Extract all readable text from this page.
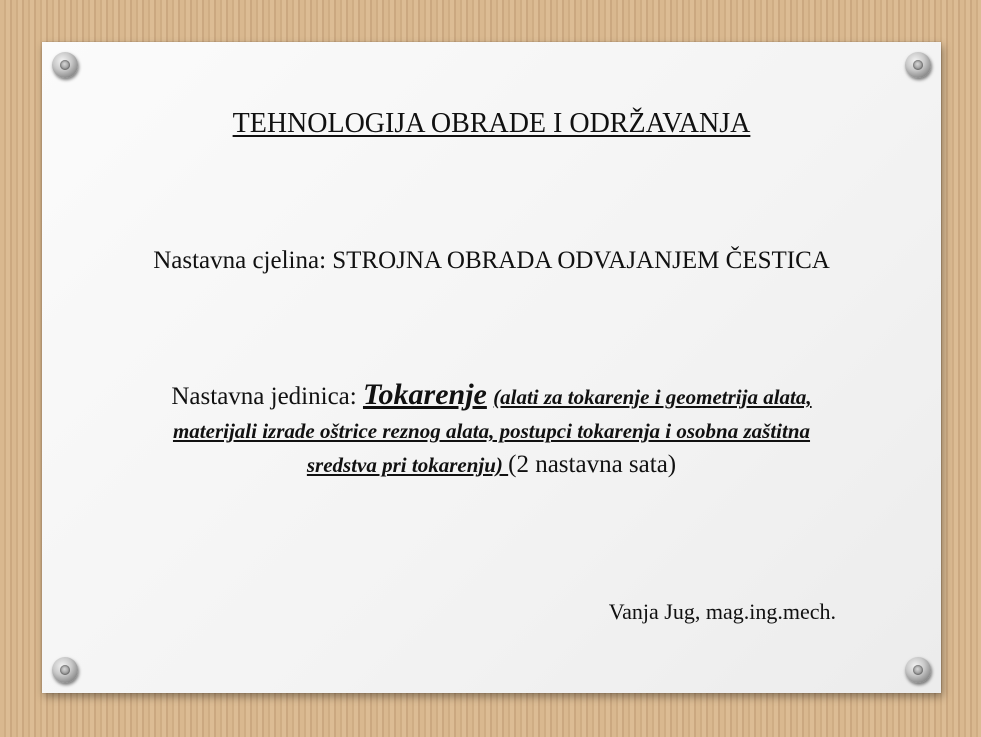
TEHNOLOGIJA OBRADE I ODRŽAVANJA
Nastavna cjelina: STROJNA OBRADA ODVAJANJEM ČESTICA
Nastavna jedinica: Tokarenje (alati za tokarenje i geometrija alata, materijali izrade oštrice reznog alata, postupci tokarenja i osobna zaštitna sredstva pri tokarenju) (2 nastavna sata)
Vanja Jug, mag.ing.mech.
